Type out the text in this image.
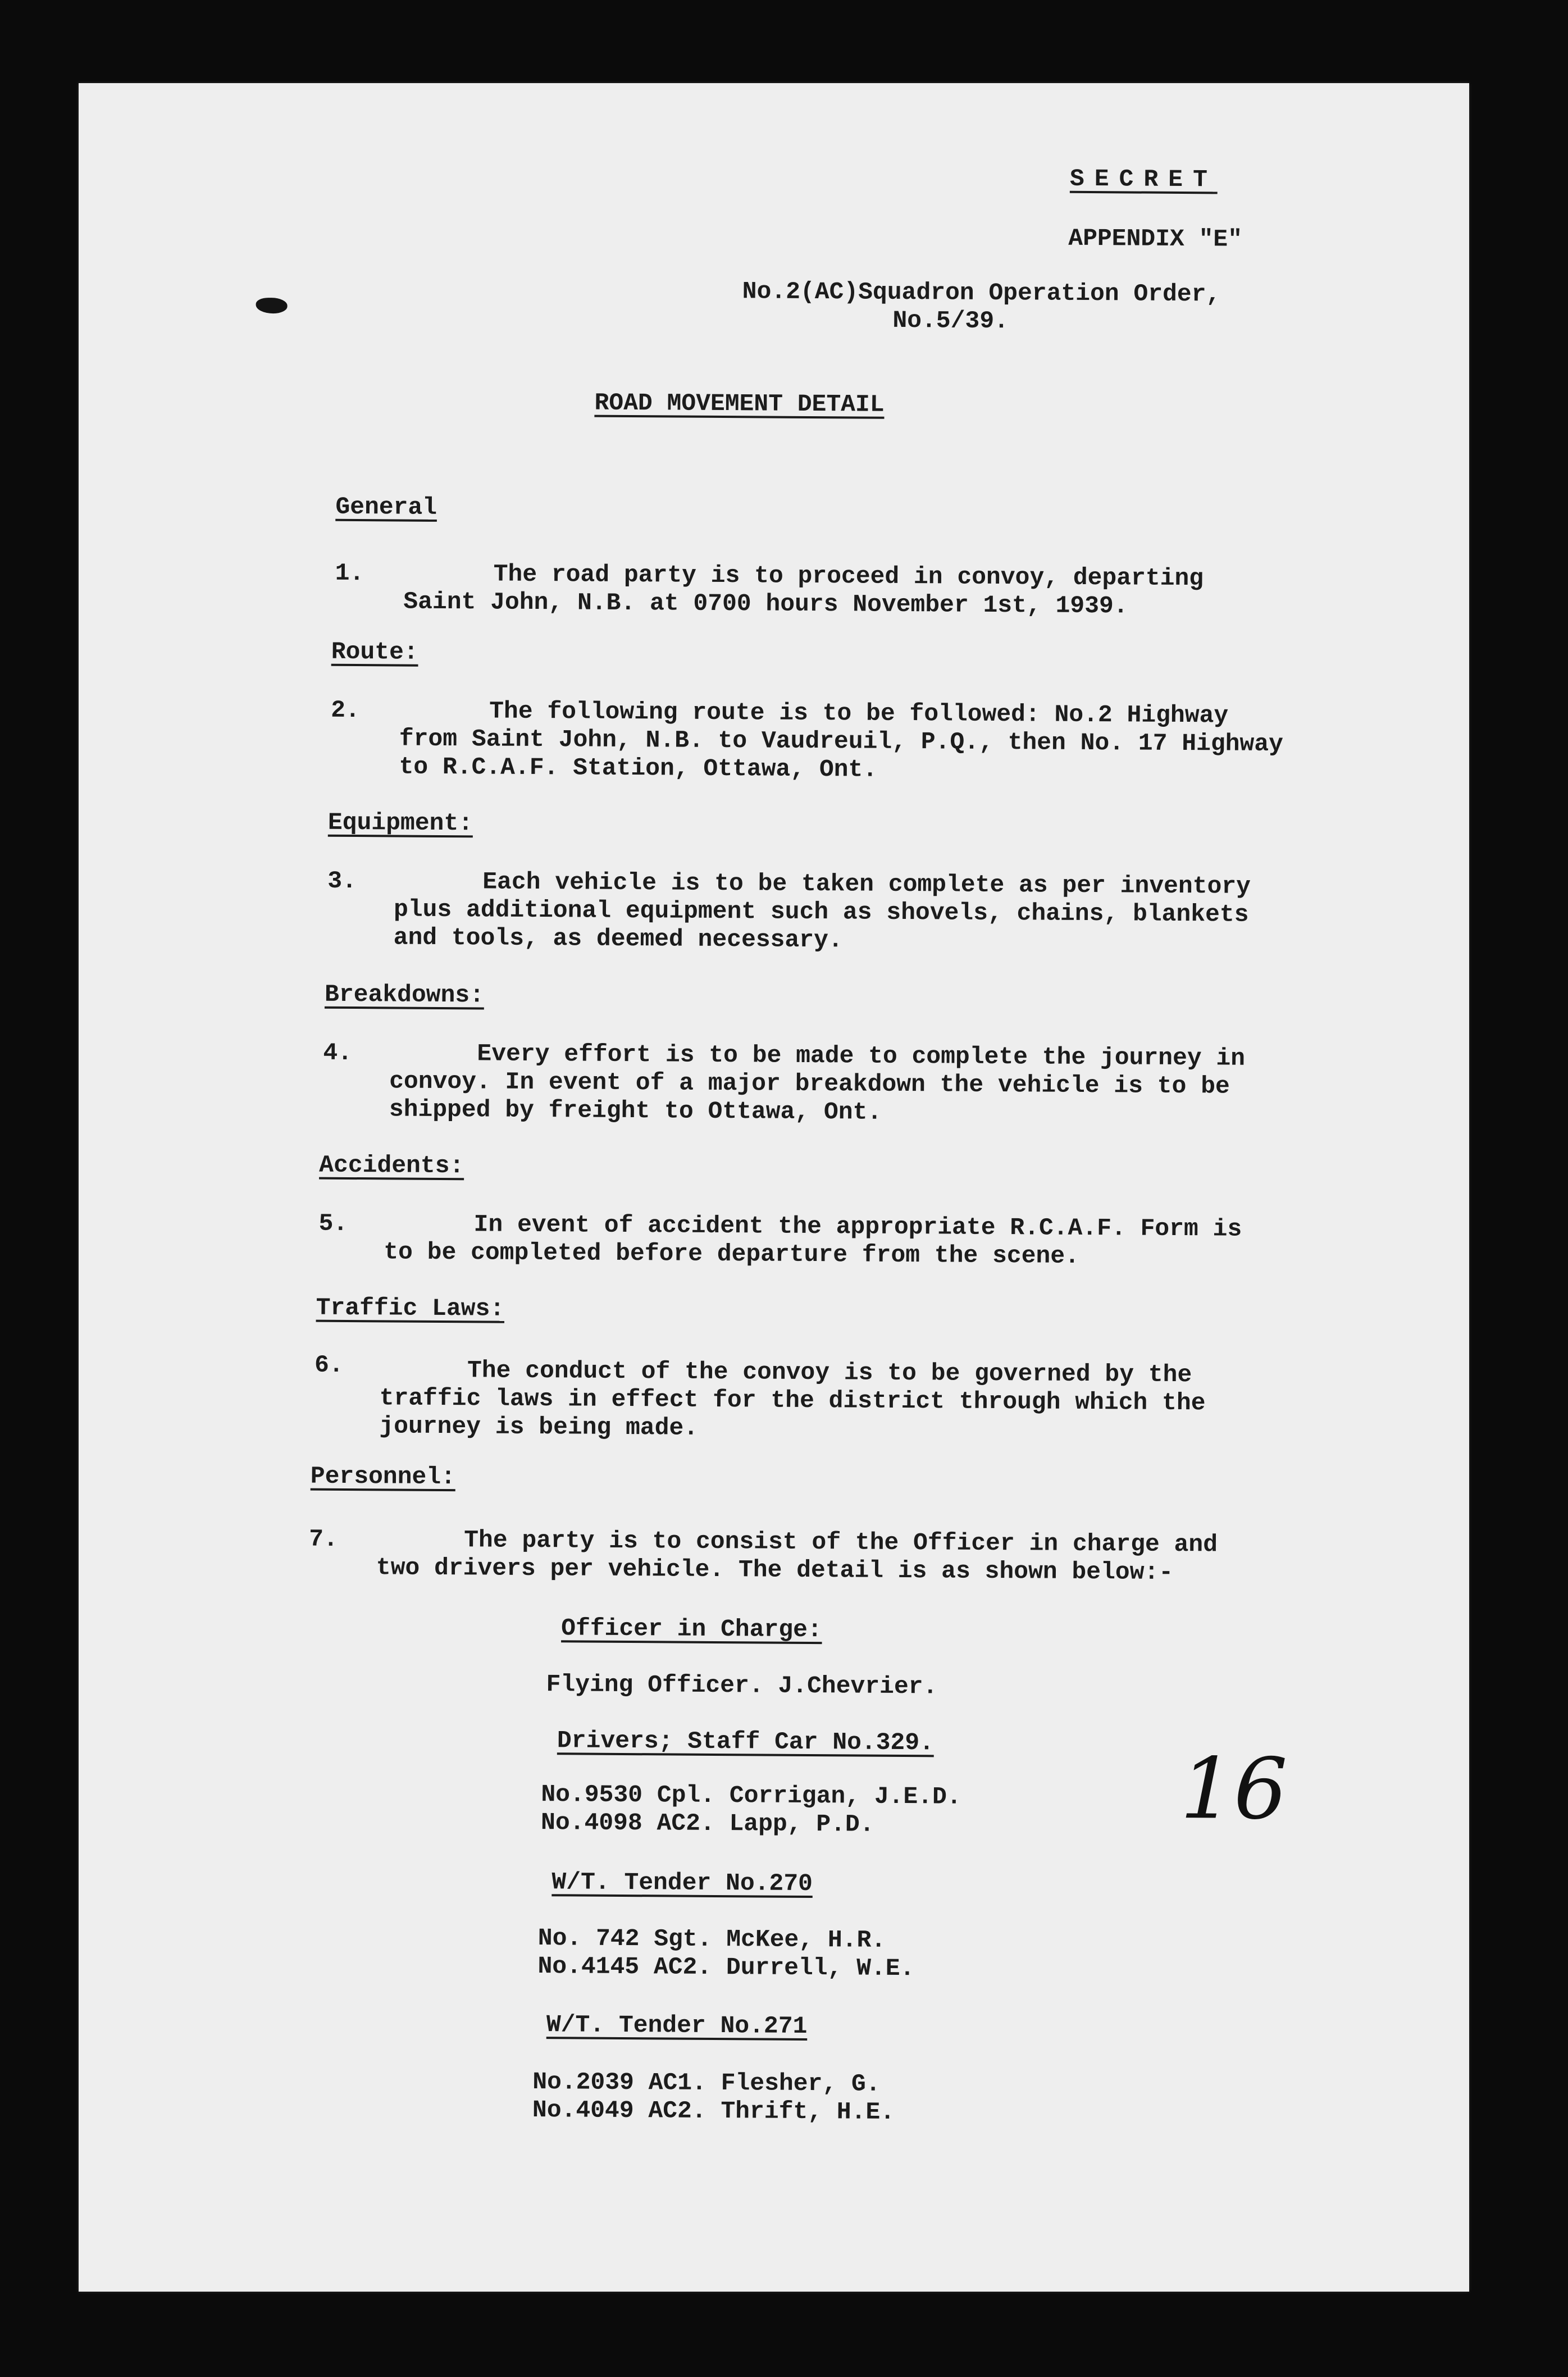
SECRET
APPENDIX "E"
No.2(AC)Squadron Operation Order,
No.5/39.
ROAD MOVEMENT DETAIL
General
1.	The road party is to proceed in convoy, departing
Saint John, N.B. at 0700 hours November 1st, 1939.
Route:
2.	The following route is to be followed: No.2 Highway
from Saint John, N.B. to Vaudreuil, P.Q., then No. 17 Highway
to R.C.A.F. Station, Ottawa, Ont.
Equipment:
3.	Each vehicle is to be taken complete as per inventory
plus additional equipment such as shovels, chains, blankets
and tools, as deemed necessary.
Breakdowns:
4.	Every effort is to be made to complete the journey in
convoy. In event of a major breakdown the vehicle is to be
shipped by freight to Ottawa, Ont.
Accidents:
5.	In event of accident the appropriate R.C.A.F. Form is
to be completed before departure from the scene.
Traffic Laws:
6.	The conduct of the convoy is to be governed by the
traffic laws in effect for the district through which the
journey is being made.
Personnel:
7.	The party is to consist of the Officer in charge and
two drivers per vehicle. The detail is as shown below:-
Officer in Charge:
Flying Officer. J.Chevrier.
Drivers; Staff Car No.329.
No.9530 Cpl. Corrigan, J.E.D.
No.4098 AC2. Lapp, P.D.
W/T. Tender No.270
No. 742 Sgt. McKee, H.R.
No.4145 AC2. Durrell, W.E.
W/T. Tender No.271
No.2039 AC1. Flesher, G.
No.4049 AC2. Thrift, H.E.
16
